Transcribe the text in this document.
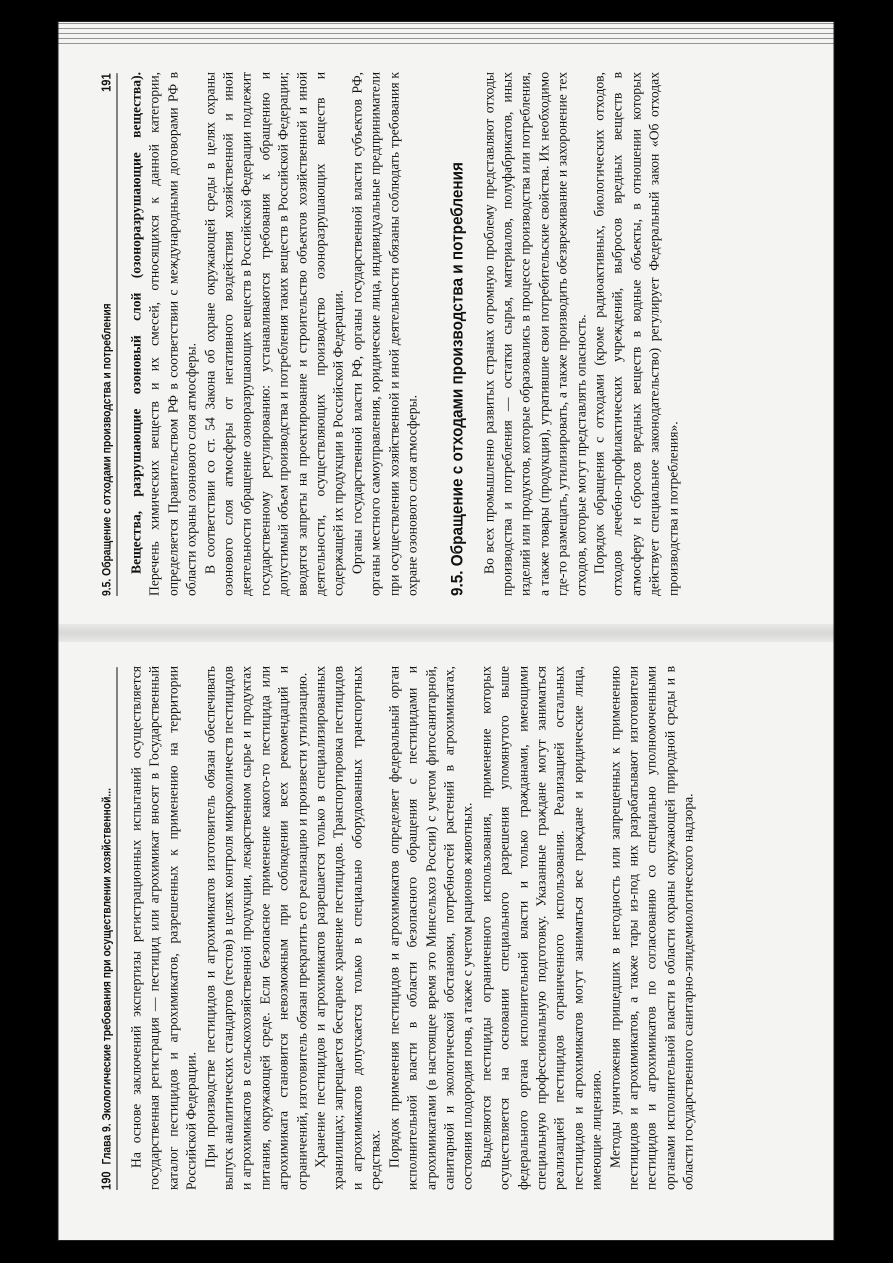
190
Глава 9. Экологические требования при осуществлении хозяйственной... На основе заключений экспертизы регистрационных испытаний осуществляется государственная регистрация — пестицид или агрохимикат вносят в Государственный каталог пестицидов и агрохимикатов, разрешенных к применению на территории Российской Федерации. При производстве пестицидов и агрохимикатов изготовитель обязан обеспечивать выпуск аналитических стандартов (тестов) в целях контроля микроколичеств пестицидов и агрохимикатов в сельскохозяйственной продукции, лекарственном сырье и продуктах питания, окружающей среде. Если безопасное применение какого-то пестицида или агрохимиката становится невозможным при соблюдении всех рекомендаций и ограничений, изготовитель обязан прекратить его реализацию и произвести утилизацию. Хранение пестицидов и агрохимикатов разрешается только в специализированных хранилищах; запрещается бестарное хранение пестицидов. Транспортировка пестицидов и агрохимикатов допускается только в специально оборудованных транспортных средствах. Порядок применения пестицидов и агрохимикатов определяет федеральный орган исполнительной власти в области безопасного обращения с пестицидами и агрохимикатами (в настоящее время это Минсельхоз России) с учетом фитосанитарной, санитарной и экологической обстановки, потребностей растений в агрохимикатах, состояния плодородия почв, а также с учетом рационов животных. Выделяются пестициды ограниченного использования, применение которых осуществляется на основании специального разрешения упомянутого выше федерального органа исполнительной власти и только гражданами, имеющими специальную профессиональную подготовку. Указанные граждане могут заниматься реализацией пестицидов ограниченного использования. Реализацией остальных пестицидов и агрохимикатов могут заниматься все граждане и юридические лица, имеющие лицензию. Методы уничтожения пришедших в негодность или запрещенных к применению пестицидов и агрохимикатов, а также тары из-под них разрабатывают изготовители пестицидов и агрохимикатов по согласованию со специально уполномоченными органами исполнительной власти в области охраны окружающей природной среды и в области государственного санитарно-эпидемиологического надзора.

9.5. Обращение с отходами производства и потребления
191 Вещества, разрушающие озоновый слой (озоноразрушающие вещества). Перечень химических веществ и их смесей, относящихся к данной категории, определяется Правительством РФ в соответствии с международными договорами РФ в области охраны озонового слоя атмосферы. В соответствии со ст. 54 Закона об охране окружающей среды в целях охраны озонового слоя атмосферы от негативного воздействия хозяйственной и иной деятельности обращение озоноразрушающих веществ в Российской Федерации подлежит государственному регулированию: устанавливаются требования к обращению и допустимый объем производства и потребления таких веществ в Российской Федерации; вводятся запреты на проектирование и строительство объектов хозяйственной и иной деятельности, осуществляющих производство озоноразрушающих веществ и содержащей их продукции в Российской Федерации. Органы государственной власти РФ, органы государственной власти субъектов РФ, органы местного самоуправления, юридические лица, индивидуальные предприниматели при осуществлении хозяйственной и иной деятельности обязаны соблюдать требования к охране озонового слоя атмосферы. 9.5. Обращение с отходами производства и потребления Во всех промышленно развитых странах огромную проблему представляют отходы производства и потребления — остатки сырья, материалов, полуфабрикатов, иных изделий или продуктов, которые образовались в процессе производства или потребления, а также товары (продукция), утратившие свои потребительские свойства. Их необходимо где-то размещать, утилизировать, а также производить обезвреживание и захоронение тех отходов, которые могут представлять опасность. Порядок обращения с отходами (кроме радиоактивных, биологических отходов, отходов лечебно-профилактических учреждений, выбросов вредных веществ в атмосферу и сбросов вредных веществ в водные объекты, в отношении которых действует специальное законодательство) регулирует Федеральный закон «Об отходах производства и потребления».
